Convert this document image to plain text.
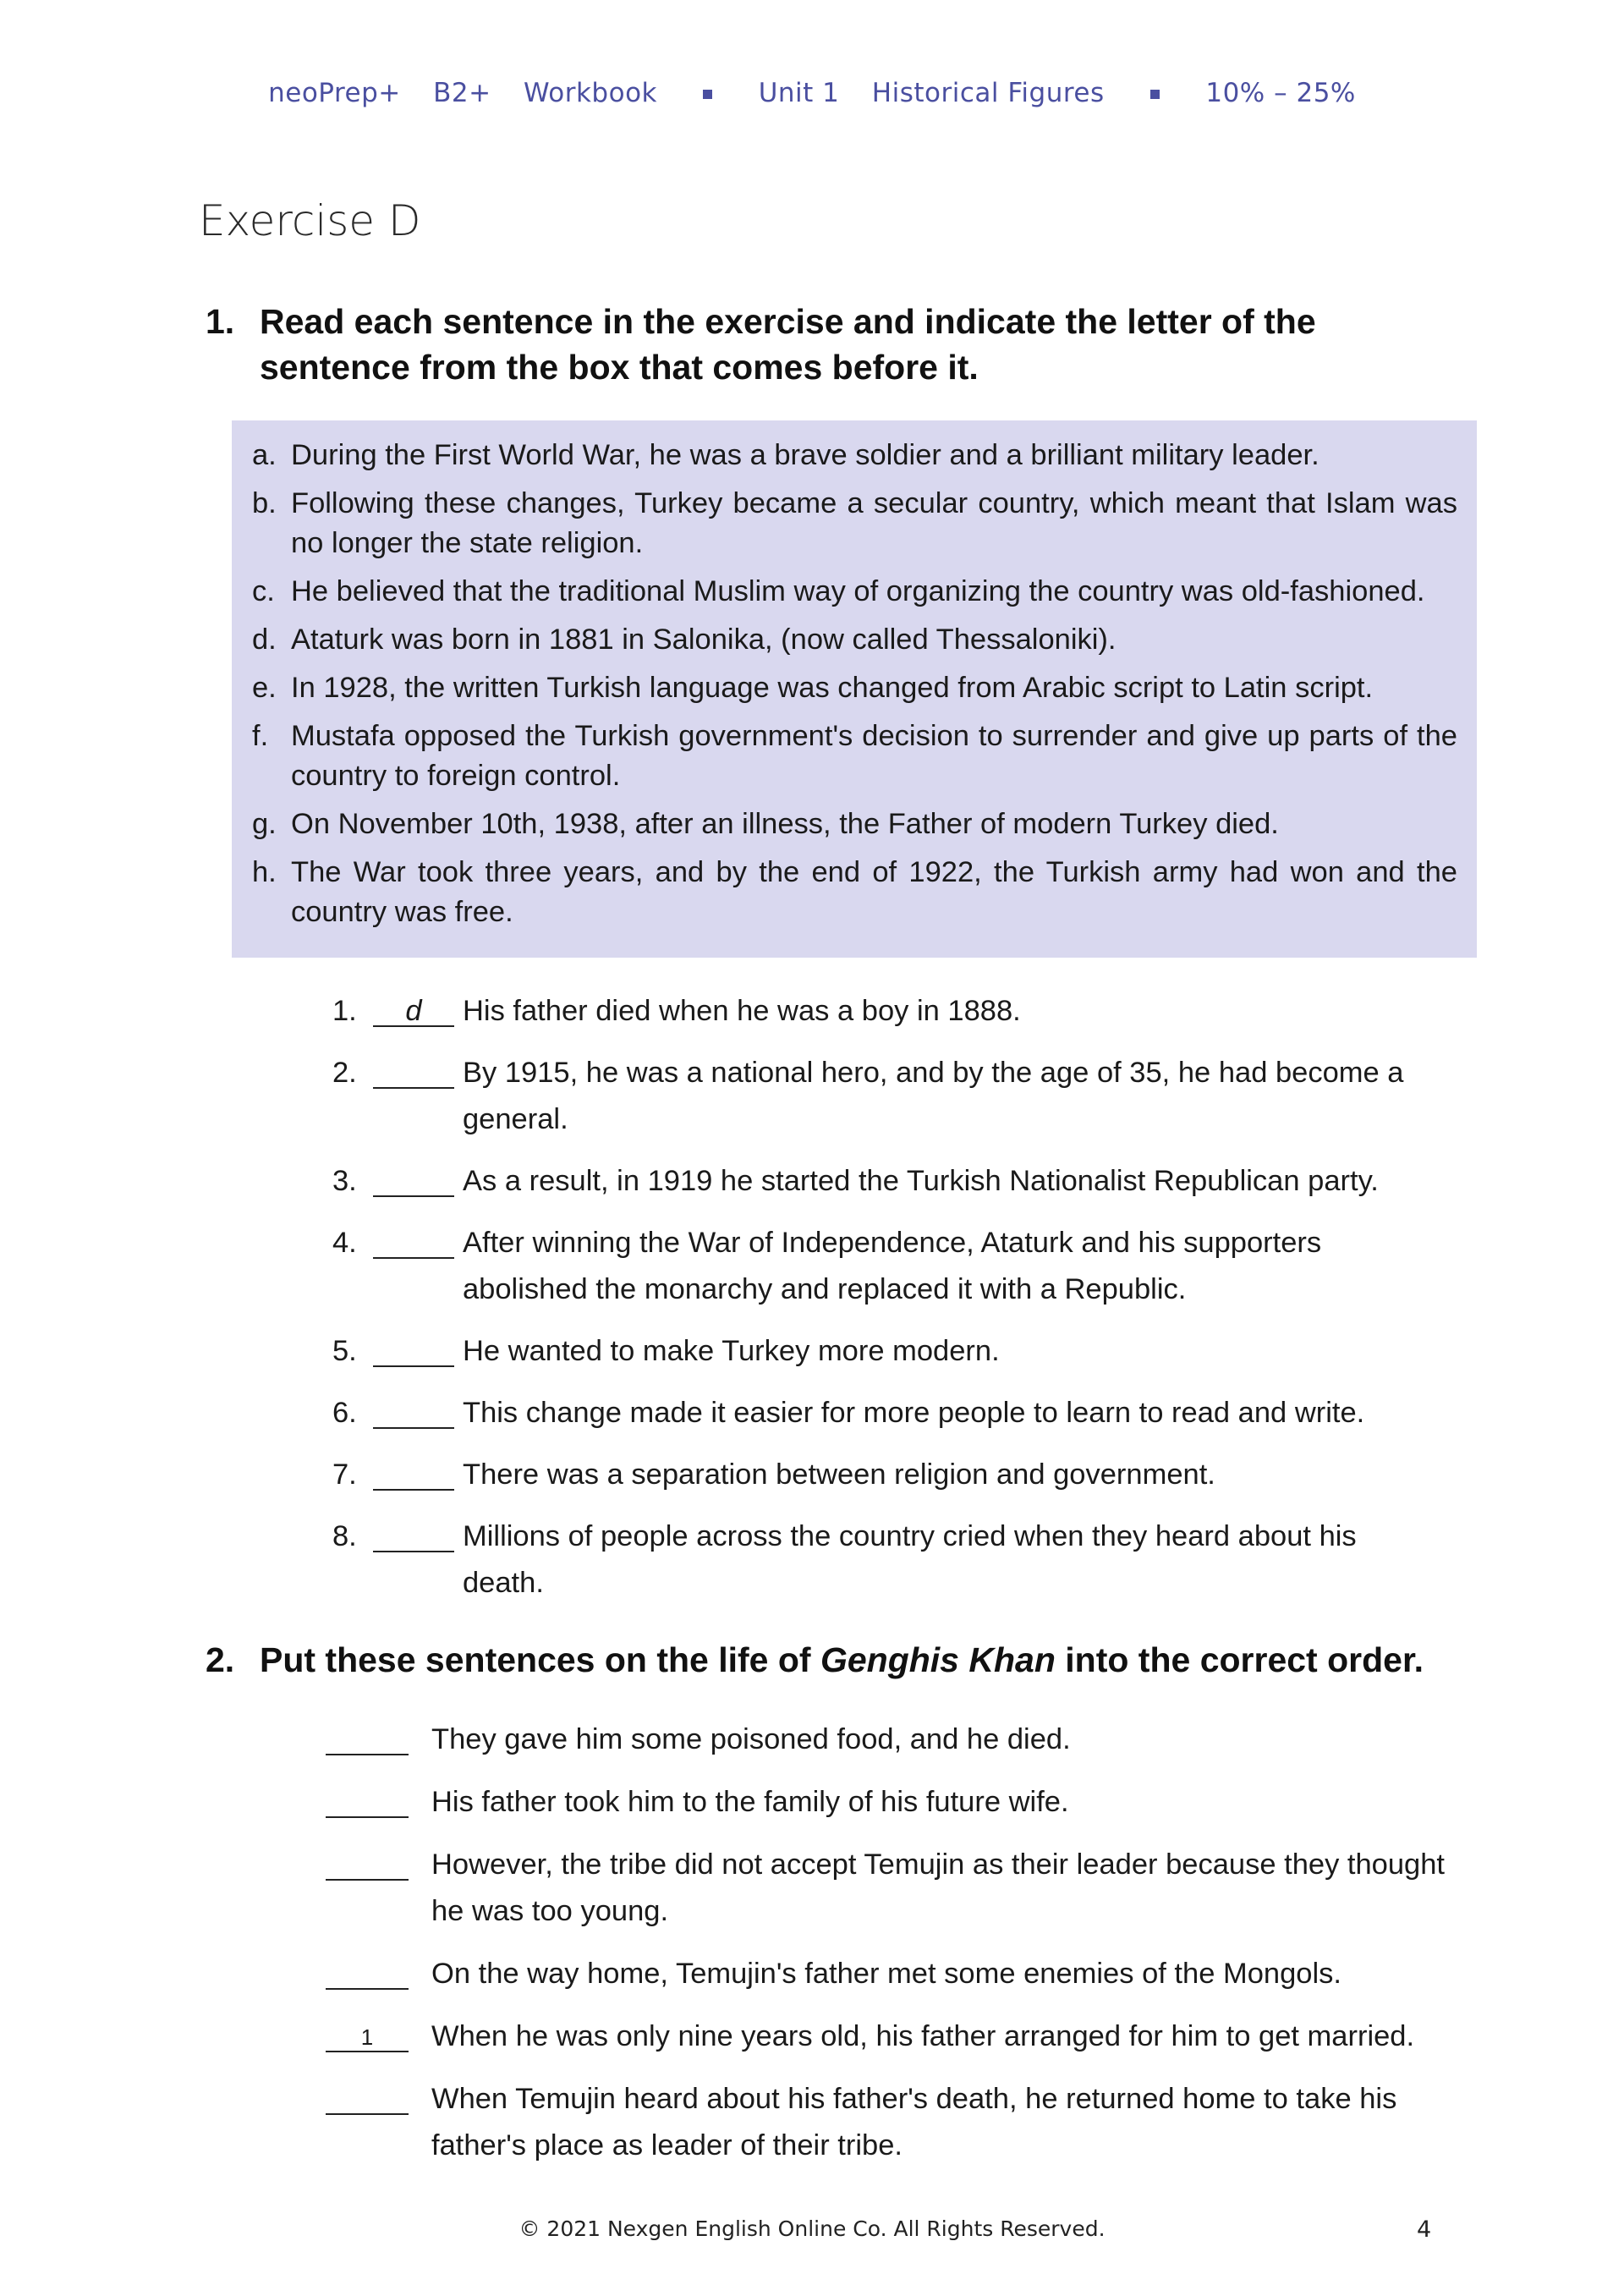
neoPrep+ B2+ Workbook	Unit 1 Historical Figures	10% – 25%
Exercise D
1. Read each sentence in the exercise and indicate the letter of the sentence from the box that comes before it.
a. During the First World War, he was a brave soldier and a brilliant military leader.
b. Following these changes, Turkey became a secular country, which meant that Islam was no longer the state religion.
c. He believed that the traditional Muslim way of organizing the country was old-fashioned.
d. Ataturk was born in 1881 in Salonika, (now called Thessaloniki).
e. In 1928, the written Turkish language was changed from Arabic script to Latin script.
f. Mustafa opposed the Turkish government's decision to surrender and give up parts of the country to foreign control.
g. On November 10th, 1938, after an illness, the Father of modern Turkey died.
h. The War took three years, and by the end of 1922, the Turkish army had won and the country was free.
1.	d	His father died when he was a boy in 1888.
2.	By 1915, he was a national hero, and by the age of 35, he had become a general.
3.	As a result, in 1919 he started the Turkish Nationalist Republican party.
4.	After winning the War of Independence, Ataturk and his supporters abolished the monarchy and replaced it with a Republic.
5.	He wanted to make Turkey more modern.
6.	This change made it easier for more people to learn to read and write.
7.	There was a separation between religion and government.
8.	Millions of people across the country cried when they heard about his death.
2. Put these sentences on the life of Genghis Khan into the correct order.
They gave him some poisoned food, and he died.
His father took him to the family of his future wife.
However, the tribe did not accept Temujin as their leader because they thought he was too young.
On the way home, Temujin's father met some enemies of the Mongols.
1	When he was only nine years old, his father arranged for him to get married.
When Temujin heard about his father's death, he returned home to take his father's place as leader of their tribe.
© 2021 Nexgen English Online Co. All Rights Reserved.	4
